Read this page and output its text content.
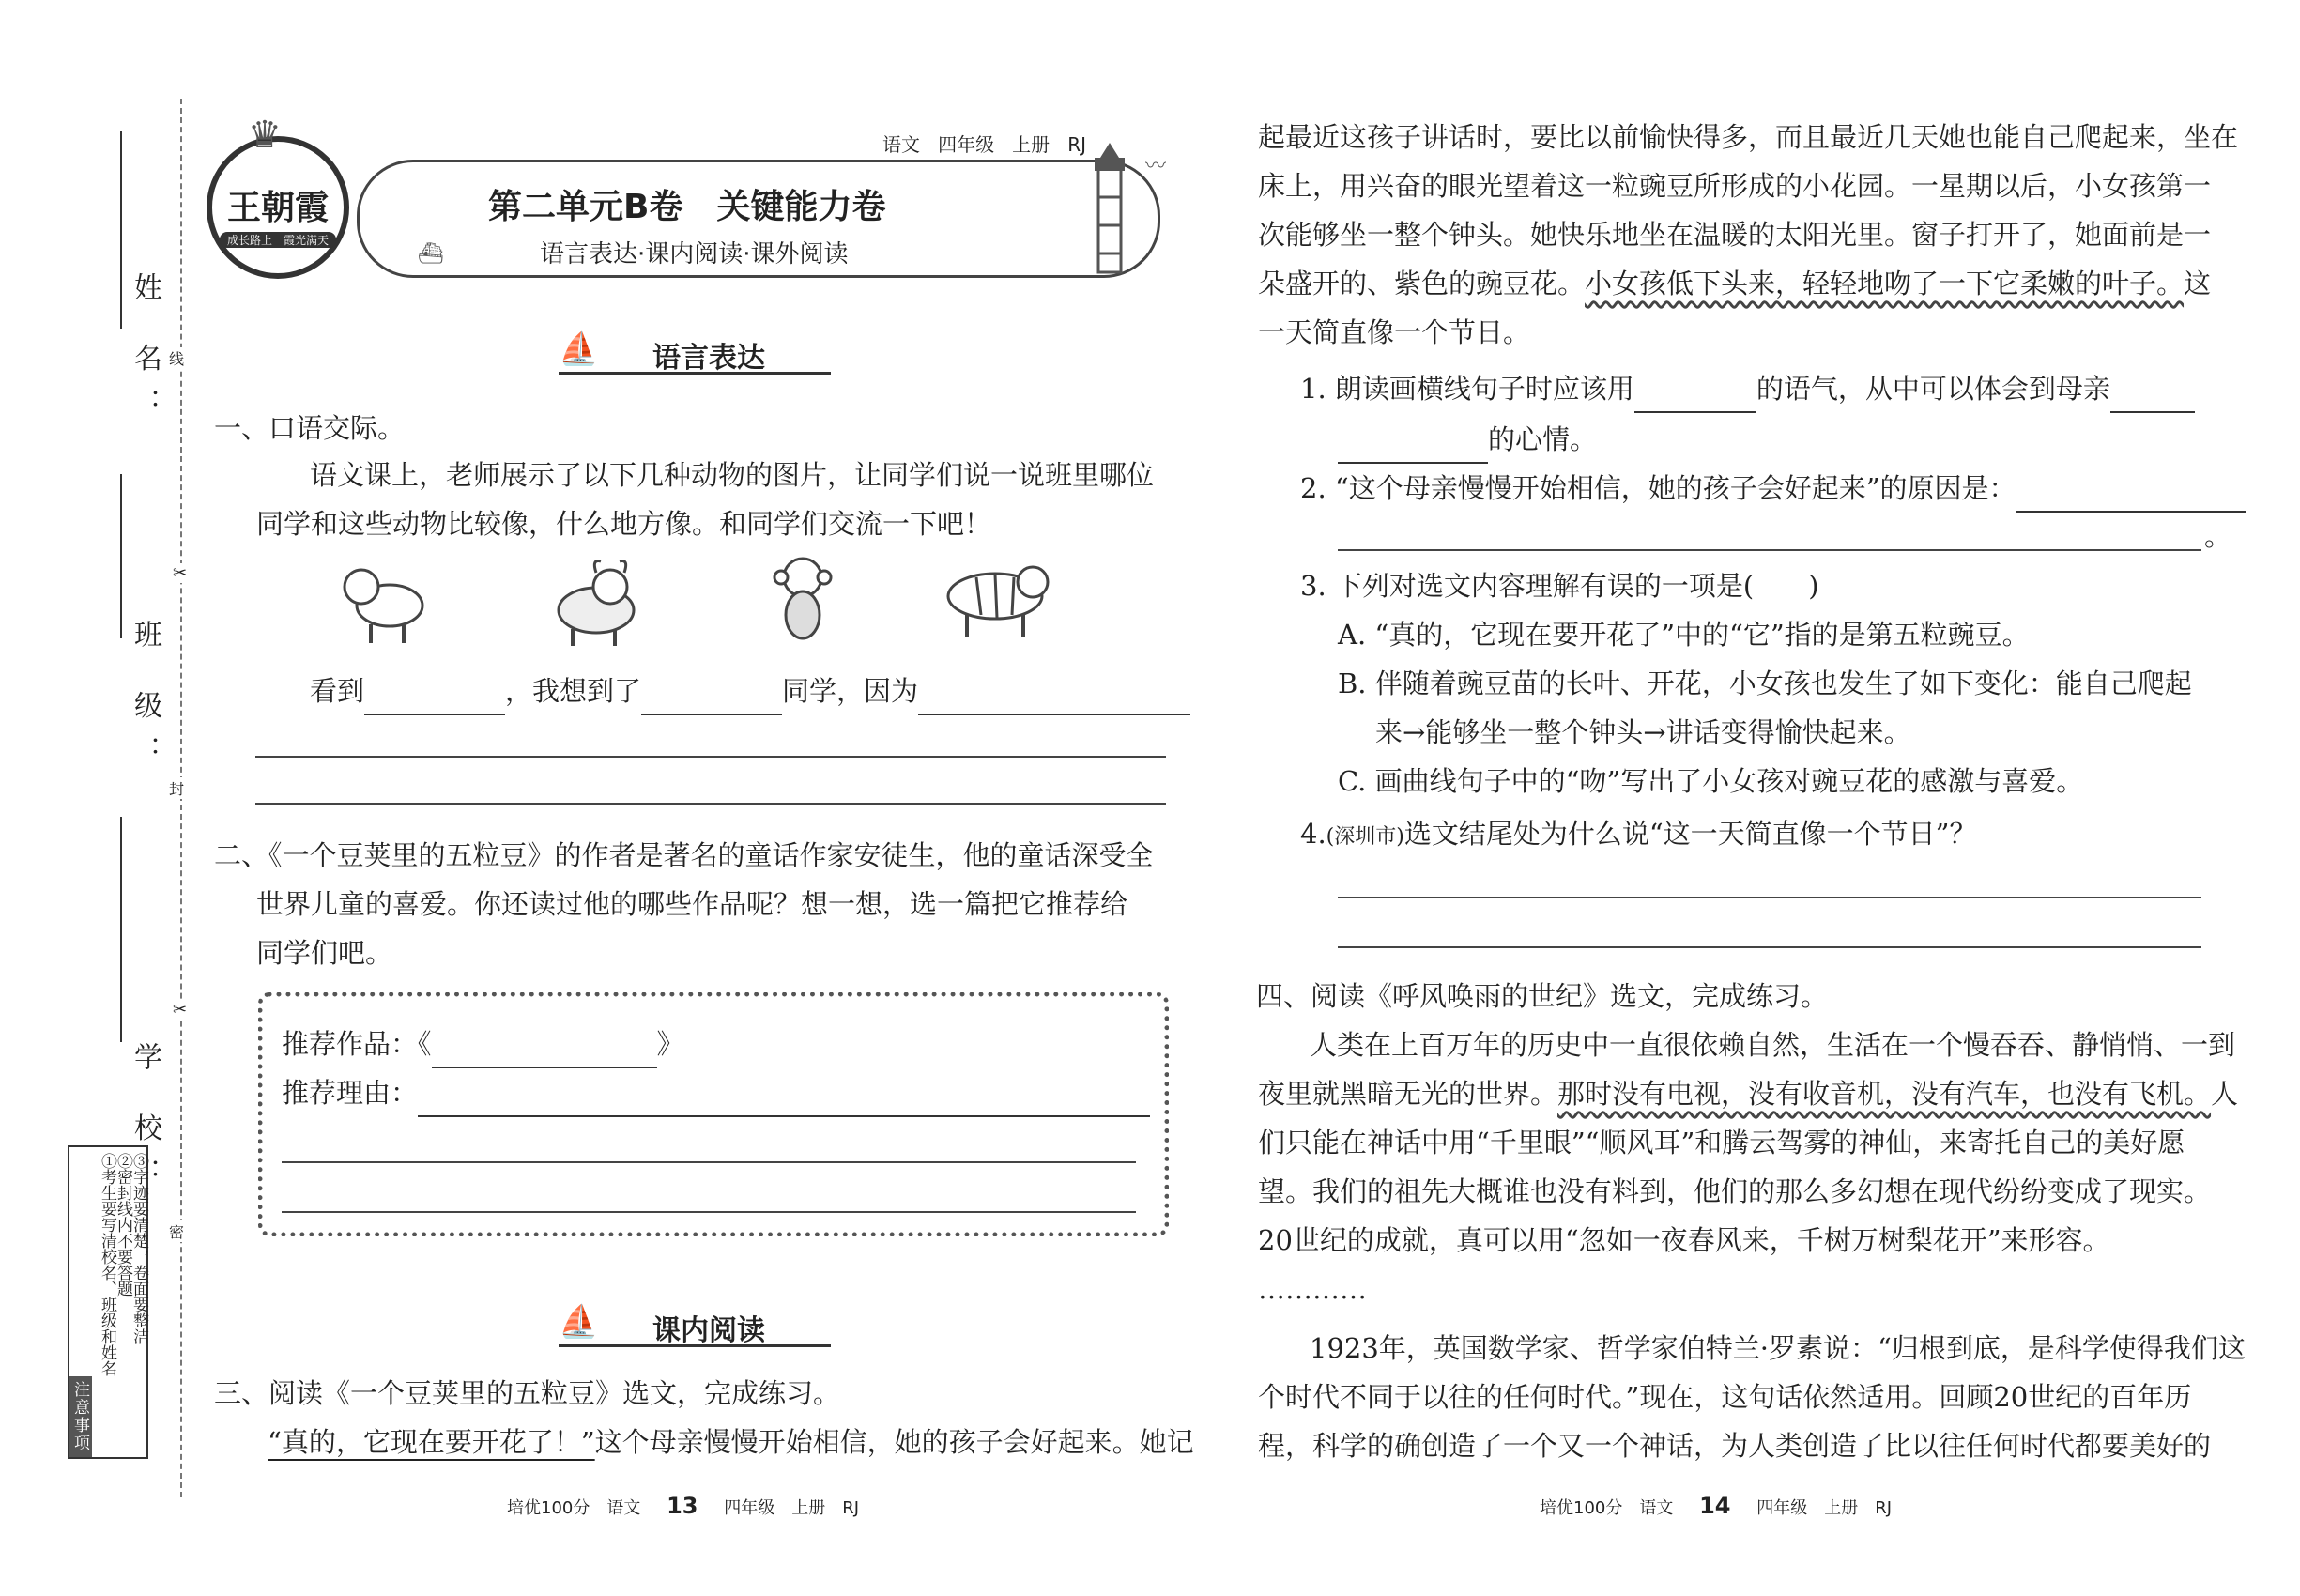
姓 名：
班 级：
学 校：
线
✂
封
✂
密
注意事项
①考生要写清校名、班级和姓名
②密封线内不要答题
③字迹要清楚，卷面要整洁
♛
王朝霞
成长路上　霞光满天
语文 四年级 上册 RJ
第二单元B卷　关键能力卷
语言表达·课内阅读·课外阅读
⛴
〰
⛵ 语言表达
一、口语交际。
语文课上，老师展示了以下几种动物的图片，让同学们说一说班里哪位
同学和这些动物比较像，什么地方像。和同学们交流一下吧！
看到	，我想到了	同学，因为
二、《一个豆荚里的五粒豆》的作者是著名的童话作家安徒生，他的童话深受全
世界儿童的喜爱。你还读过他的哪些作品呢？想一想，选一篇把它推荐给
同学们吧。
推荐作品：《	》
推荐理由：
⛵ 课内阅读
三、阅读《一个豆荚里的五粒豆》选文，完成练习。
“真的，它现在要开花了！”这个母亲慢慢开始相信，她的孩子会好起来。她记
培优100分　语文 13 四年级　上册　RJ
起最近这孩子讲话时，要比以前愉快得多，而且最近几天她也能自己爬起来，坐在
床上，用兴奋的眼光望着这一粒豌豆所形成的小花园。一星期以后，小女孩第一
次能够坐一整个钟头。她快乐地坐在温暖的太阳光里。窗子打开了，她面前是一
朵盛开的、紫色的豌豆花。小女孩低下头来，轻轻地吻了一下它柔嫩的叶子。这
一天简直像一个节日。
1. 朗读画横线句子时应该用	的语气，从中可以体会到母亲
的心情。
2. “这个母亲慢慢开始相信，她的孩子会好起来”的原因是：
。
3. 下列对选文内容理解有误的一项是(　　)
A. “真的，它现在要开花了”中的“它”指的是第五粒豌豆。
B. 伴随着豌豆苗的长叶、开花，小女孩也发生了如下变化：能自己爬起
来→能够坐一整个钟头→讲话变得愉快起来。
C. 画曲线句子中的“吻”写出了小女孩对豌豆花的感激与喜爱。
4.(深圳市)选文结尾处为什么说“这一天简直像一个节日”？
四、阅读《呼风唤雨的世纪》选文，完成练习。
人类在上百万年的历史中一直很依赖自然，生活在一个慢吞吞、静悄悄、一到
夜里就黑暗无光的世界。那时没有电视，没有收音机，没有汽车，也没有飞机。人
们只能在神话中用“千里眼”“顺风耳”和腾云驾雾的神仙，来寄托自己的美好愿
望。我们的祖先大概谁也没有料到，他们的那么多幻想在现代纷纷变成了现实。
20世纪的成就，真可以用“忽如一夜春风来，千树万树梨花开”来形容。
…………
1923年，英国数学家、哲学家伯特兰·罗素说：“归根到底，是科学使得我们这
个时代不同于以往的任何时代。”现在，这句话依然适用。回顾20世纪的百年历
程，科学的确创造了一个又一个神话，为人类创造了比以往任何时代都要美好的
培优100分　语文 14 四年级　上册　RJ
